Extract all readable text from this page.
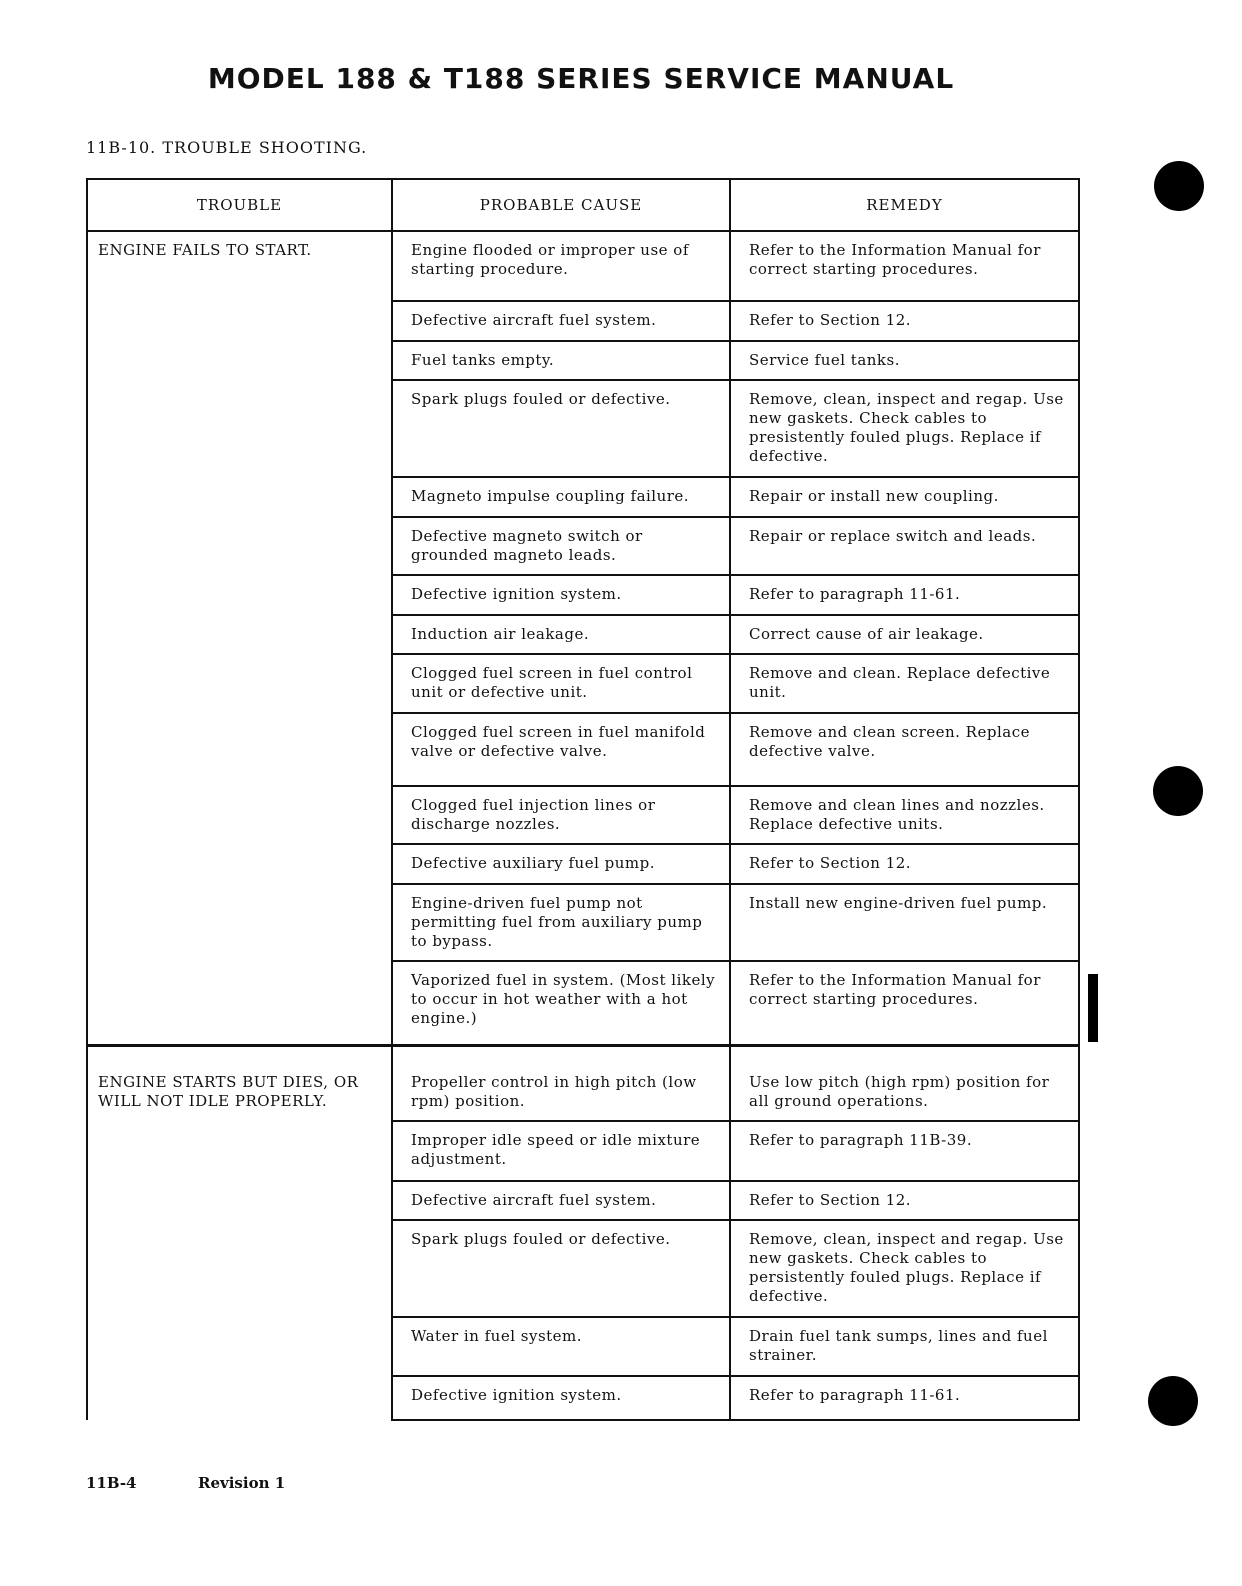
MODEL 188 & T188 SERIES SERVICE MANUAL
11B-10. TROUBLE SHOOTING.
TROUBLE	PROBABLE CAUSE	REMEDY
ENGINE FAILS TO START.	Engine flooded or improper use of starting procedure.	Refer to the Information Manual for correct starting procedures.
	Defective aircraft fuel system.	Refer to Section 12.
	Fuel tanks empty.	Service fuel tanks.
	Spark plugs fouled or defective.	Remove, clean, inspect and regap. Use new gaskets. Check cables to presistently fouled plugs. Replace if defective.
	Magneto impulse coupling failure.	Repair or install new coupling.
	Defective magneto switch or grounded magneto leads.	Repair or replace switch and leads.
	Defective ignition system.	Refer to paragraph 11-61.
	Induction air leakage.	Correct cause of air leakage.
	Clogged fuel screen in fuel control unit or defective unit.	Remove and clean. Replace defective unit.
	Clogged fuel screen in fuel manifold valve or defective valve.	Remove and clean screen. Replace defective valve.
	Clogged fuel injection lines or discharge nozzles.	Remove and clean lines and nozzles. Replace defective units.
	Defective auxiliary fuel pump.	Refer to Section 12.
	Engine-driven fuel pump not permitting fuel from auxiliary pump to bypass.	Install new engine-driven fuel pump.
	Vaporized fuel in system. (Most likely to occur in hot weather with a hot engine.)	Refer to the Information Manual for correct starting procedures.
ENGINE STARTS BUT DIES, OR WILL NOT IDLE PROPERLY.	Propeller control in high pitch (low rpm) position.	Use low pitch (high rpm) position for all ground operations.
	Improper idle speed or idle mixture adjustment.	Refer to paragraph 11B-39.
	Defective aircraft fuel system.	Refer to Section 12.
	Spark plugs fouled or defective.	Remove, clean, inspect and regap. Use new gaskets. Check cables to persistently fouled plugs. Replace if defective.
	Water in fuel system.	Drain fuel tank sumps, lines and fuel strainer.
	Defective ignition system.	Refer to paragraph 11-61.
11B-4	Revision 1
